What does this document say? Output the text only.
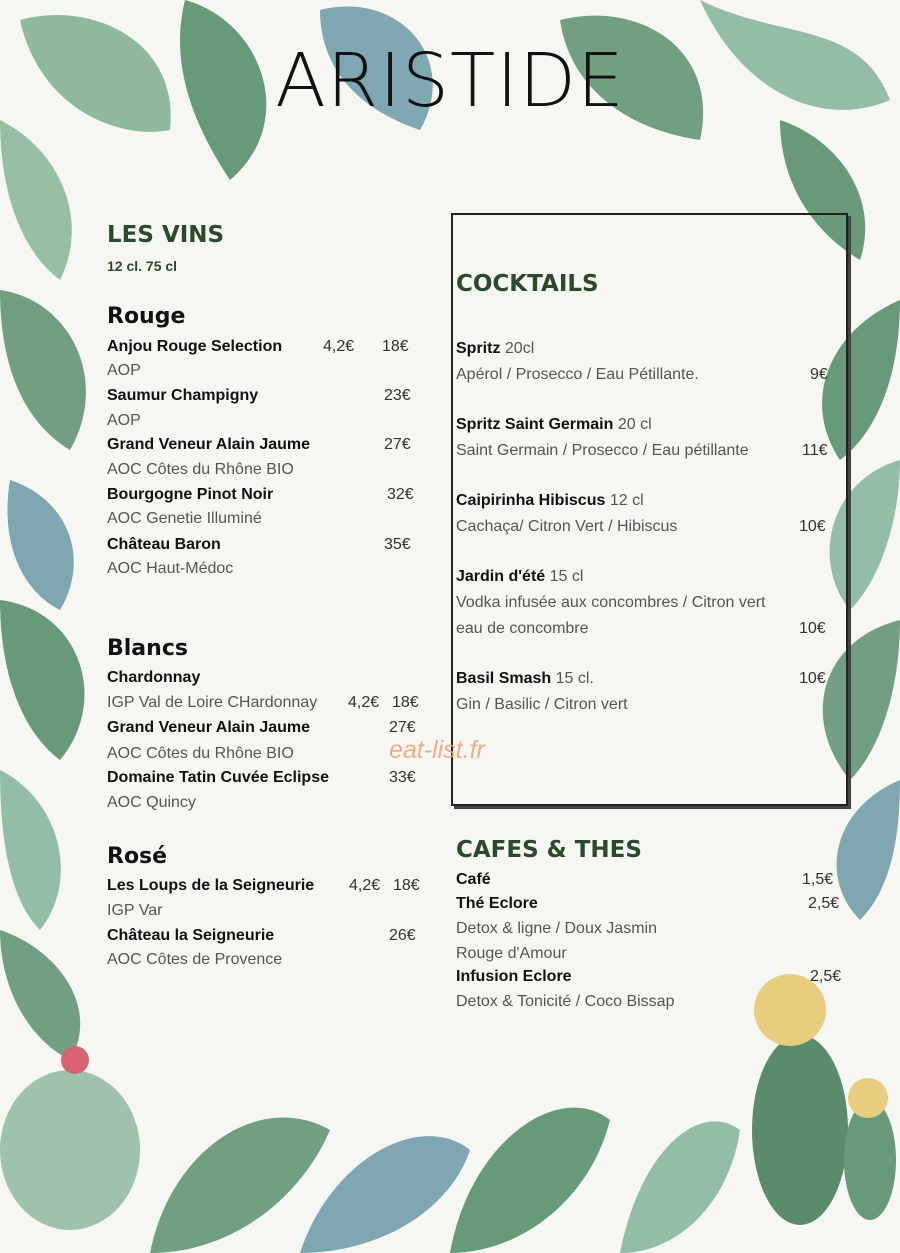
ARISTIDE
LES VINS
12 cl. 75 cl
Rouge
Anjou Rouge Selection	4,2€ 18€
AOP
Saumur Champigny	23€
AOP
Grand Veneur Alain Jaume	27€
AOC Côtes du Rhône BIO
Bourgogne Pinot Noir	32€
AOC Genetie Illuminé
Château Baron	35€
AOC Haut-Médoc
Blancs
Chardonnay
IGP Val de Loire CHardonnay 4,2€ 18€
Grand Veneur Alain Jaume	27€
AOC Côtes du Rhône BIO
Domaine Tatin Cuvée Eclipse	33€
AOC Quincy
Rosé
Les Loups de la Seigneurie 4,2€ 18€
IGP Var
Château la Seigneurie	26€
AOC Côtes de Provence
COCKTAILS
Spritz 20cl
Apérol / Prosecco / Eau Pétillante.	9€
Spritz Saint Germain 20 cl
Saint Germain / Prosecco / Eau pétillante	11€
Caipirinha Hibiscus 12 cl
Cachaça/ Citron Vert / Hibiscus	10€
Jardin d'été 15 cl
Vodka infusée aux concombres / Citron vert
eau de concombre	10€
Basil Smash 15 cl.	10€
Gin / Basilic / Citron vert
eat-list.fr
CAFES & THES
Café	1,5€
Thé Eclore	2,5€
Detox & ligne / Doux Jasmin
Rouge d'Amour
Infusion Eclore	2,5€
Detox & Tonicité / Coco Bissap
